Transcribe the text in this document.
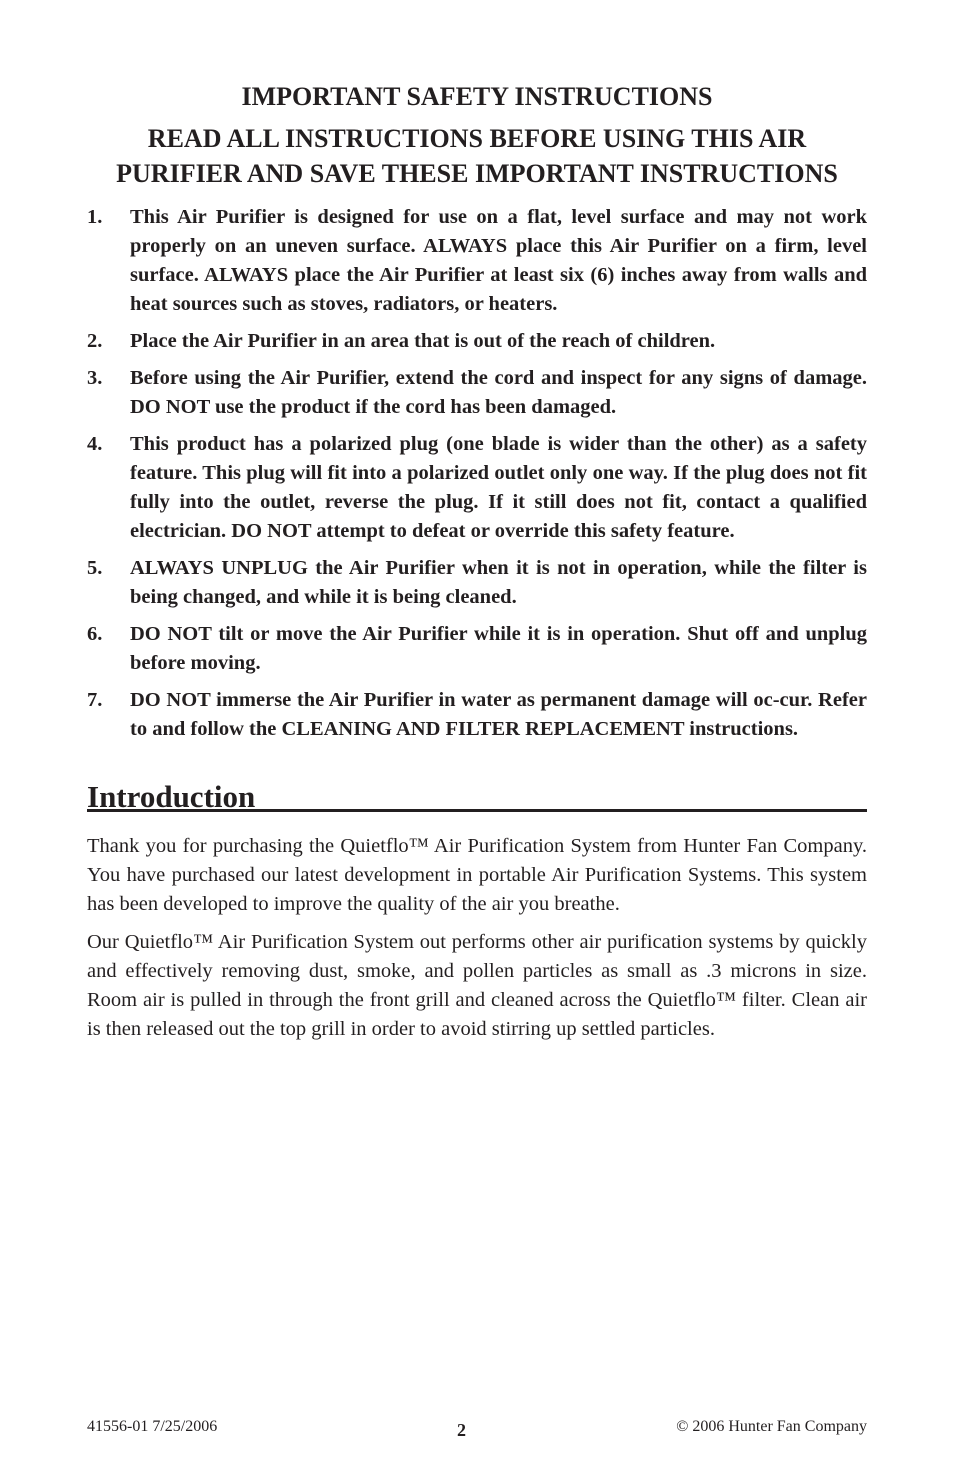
IMPORTANT SAFETY INSTRUCTIONS
READ ALL INSTRUCTIONS BEFORE USING THIS AIR PURIFIER AND SAVE THESE IMPORTANT INSTRUCTIONS
1.	This Air Purifier is designed for use on a flat, level surface and may not work properly on an uneven surface. ALWAYS place this Air Purifier on a firm, level surface. ALWAYS place the Air Purifier at least six (6) inches away from walls and heat sources such as stoves, radiators, or heaters.
2.	Place the Air Purifier in an area that is out of the reach of children.
3.	Before using the Air Purifier, extend the cord and inspect for any signs of damage. DO NOT use the product if the cord has been damaged.
4.	This product has a polarized plug (one blade is wider than the other) as a safety feature. This plug will fit into a polarized outlet only one way. If the plug does not fit fully into the outlet, reverse the plug. If it still does not fit, contact a qualified electrician. DO NOT attempt to defeat or override this safety feature.
5.	ALWAYS UNPLUG the Air Purifier when it is not in operation, while the filter is being changed, and while it is being cleaned.
6.	DO NOT tilt or move the Air Purifier while it is in operation. Shut off and unplug before moving.
7.	DO NOT immerse the Air Purifier in water as permanent damage will oc-cur. Refer to and follow the CLEANING AND FILTER REPLACEMENT instructions.
Introduction

Thank you for purchasing the Quietflo™ Air Purification System from Hunter Fan Company. You have purchased our latest development in portable Air Purification Systems. This system has been developed to improve the quality of the air you breathe.

Our Quietflo™ Air Purification System out performs other air purification systems by quickly and effectively removing dust, smoke, and pollen particles as small as .3 microns in size. Room air is pulled in through the front grill and cleaned across the Quietflo™ filter. Clean air is then released out the top grill in order to avoid stirring up settled particles.

41556-01 7/25/2006	2	© 2006 Hunter Fan Company
